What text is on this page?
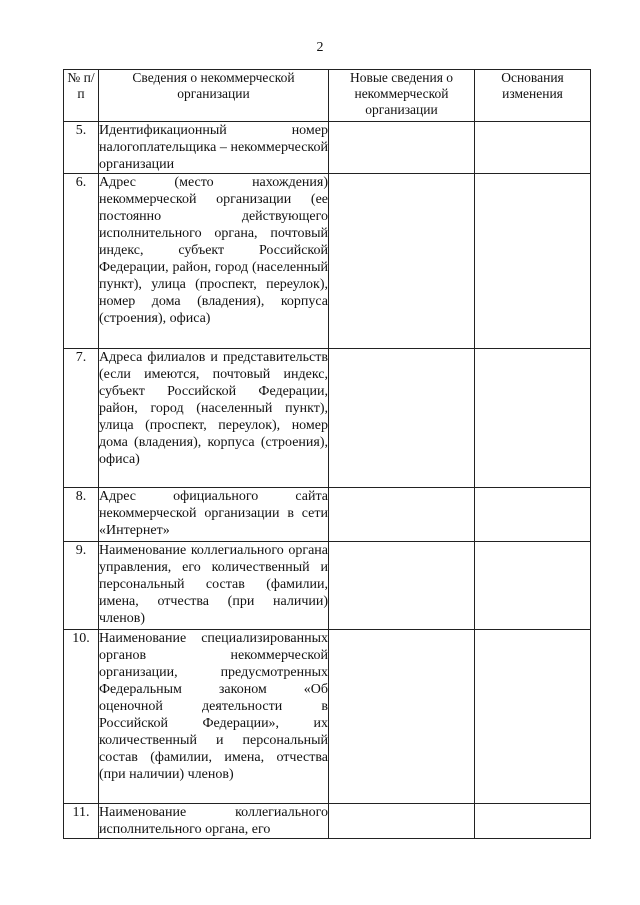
2
№ п/п	Сведения о некоммерческой организации	Новые сведения о некоммерческой организации	Основания изменения
5.	Идентификационный номер налогоплательщика – некоммерческой организации		
6.	Адрес (место нахождения) некоммерческой организации (ее постоянно действующего исполнительного органа, почтовый индекс, субъект Российской Федерации, район, город (населенный пункт), улица (проспект, переулок), номер дома (владения), корпуса (строения), офиса)		
7.	Адреса филиалов и представительств (если имеются, почтовый индекс, субъект Российской Федерации, район, город (населенный пункт), улица (проспект, переулок), номер дома (владения), корпуса (строения), офиса)		
8.	Адрес официального сайта некоммерческой организации в сети «Интернет»		
9.	Наименование коллегиального органа управления, его количественный и персональный состав (фамилии, имена, отчества (при наличии) членов)		
10.	Наименование специализированных органов некоммерческой организации, предусмотренных Федеральным законом «Об оценочной деятельности в Российской Федерации», их количественный и персональный состав (фамилии, имена, отчества (при наличии) членов)		
11.	Наименование коллегиального исполнительного органа, его		
